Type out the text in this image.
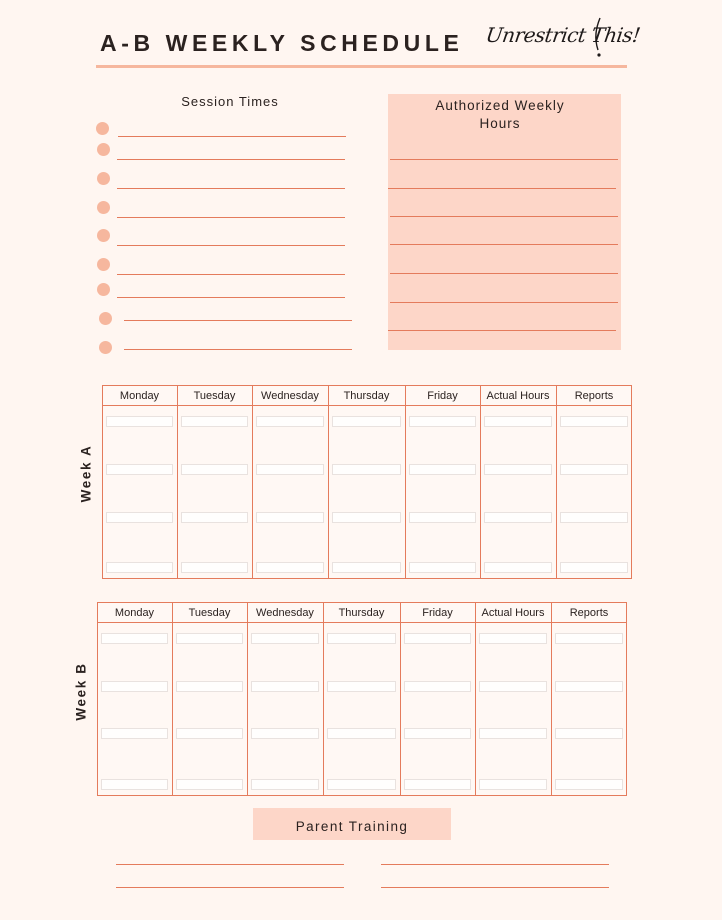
A-B WEEKLY SCHEDULE Unrestrict This!
Session Times	Authorized Weekly
Hours
Week A
Monday	Tuesday	Wednesday	Thursday	Friday	Actual Hours	Reports
Week B
Monday	Tuesday	Wednesday	Thursday	Friday	Actual Hours	Reports
Parent Training
